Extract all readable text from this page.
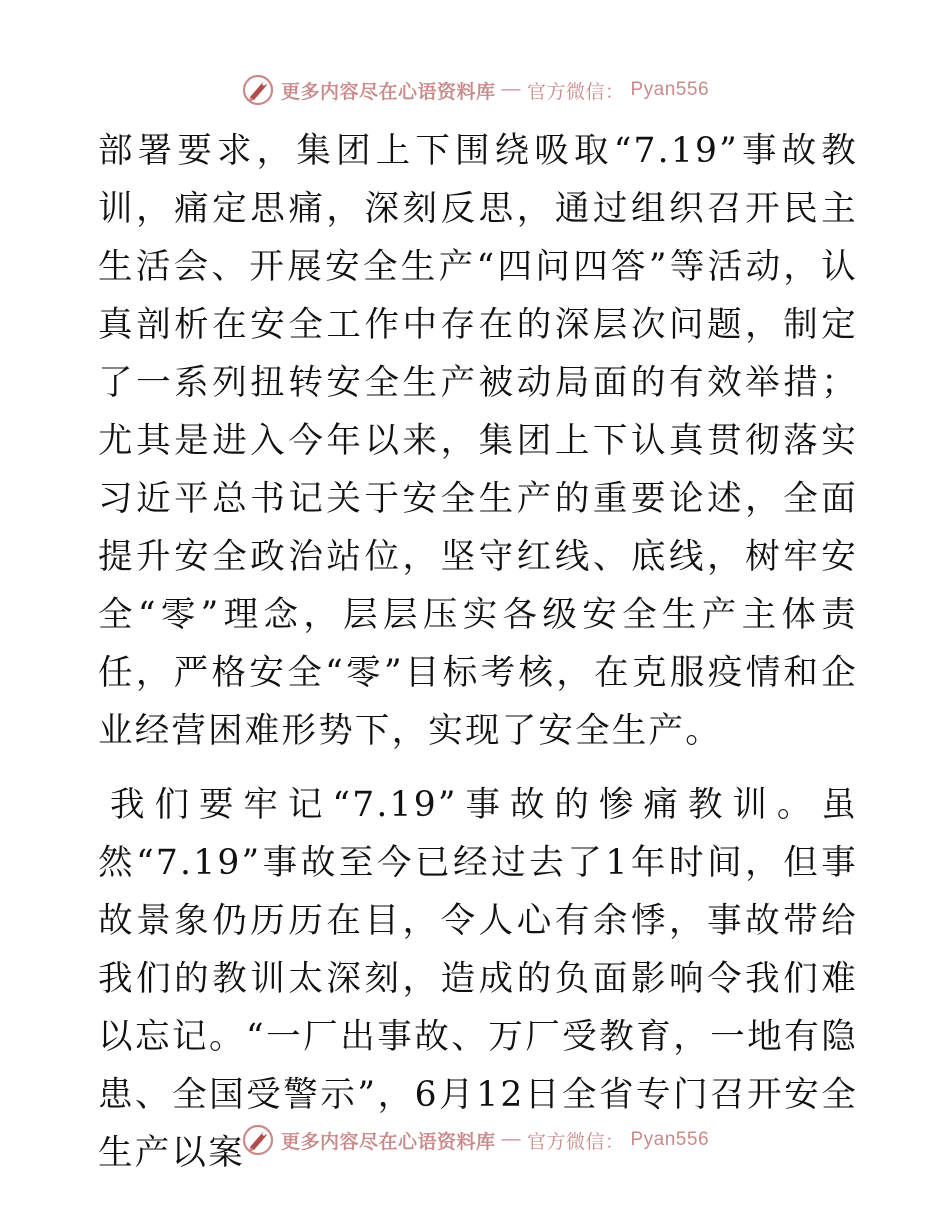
更多内容尽在心语资料库 — 官方微信： Pyan556

部署要求，集团上下围绕吸取“7.19”事故教训，痛定思痛，深刻反思，通过组织召开民主生活会、开展安全生产“四问四答”等活动，认真剖析在安全工作中存在的深层次问题，制定了一系列扭转安全生产被动局面的有效举措；尤其是进入今年以来，集团上下认真贯彻落实习近平总书记关于安全生产的重要论述，全面提升安全政治站位，坚守红线、底线，树牢安全“零”理念，层层压实各级安全生产主体责任，严格安全“零”目标考核，在克服疫情和企业经营困难形势下，实现了安全生产。

我们要牢记“7.19”事故的惨痛教训。虽然“7.19”事故至今已经过去了1年时间，但事故景象仍历历在目，令人心有余悸，事故带给我们的教训太深刻，造成的负面影响令我们难以忘记。“一厂出事故、万厂受教育，一地有隐患、全国受警示”，6月12日全省专门召开安全生产以案	更多内容尽在心语资料库 — 官方微信： Pyan556
